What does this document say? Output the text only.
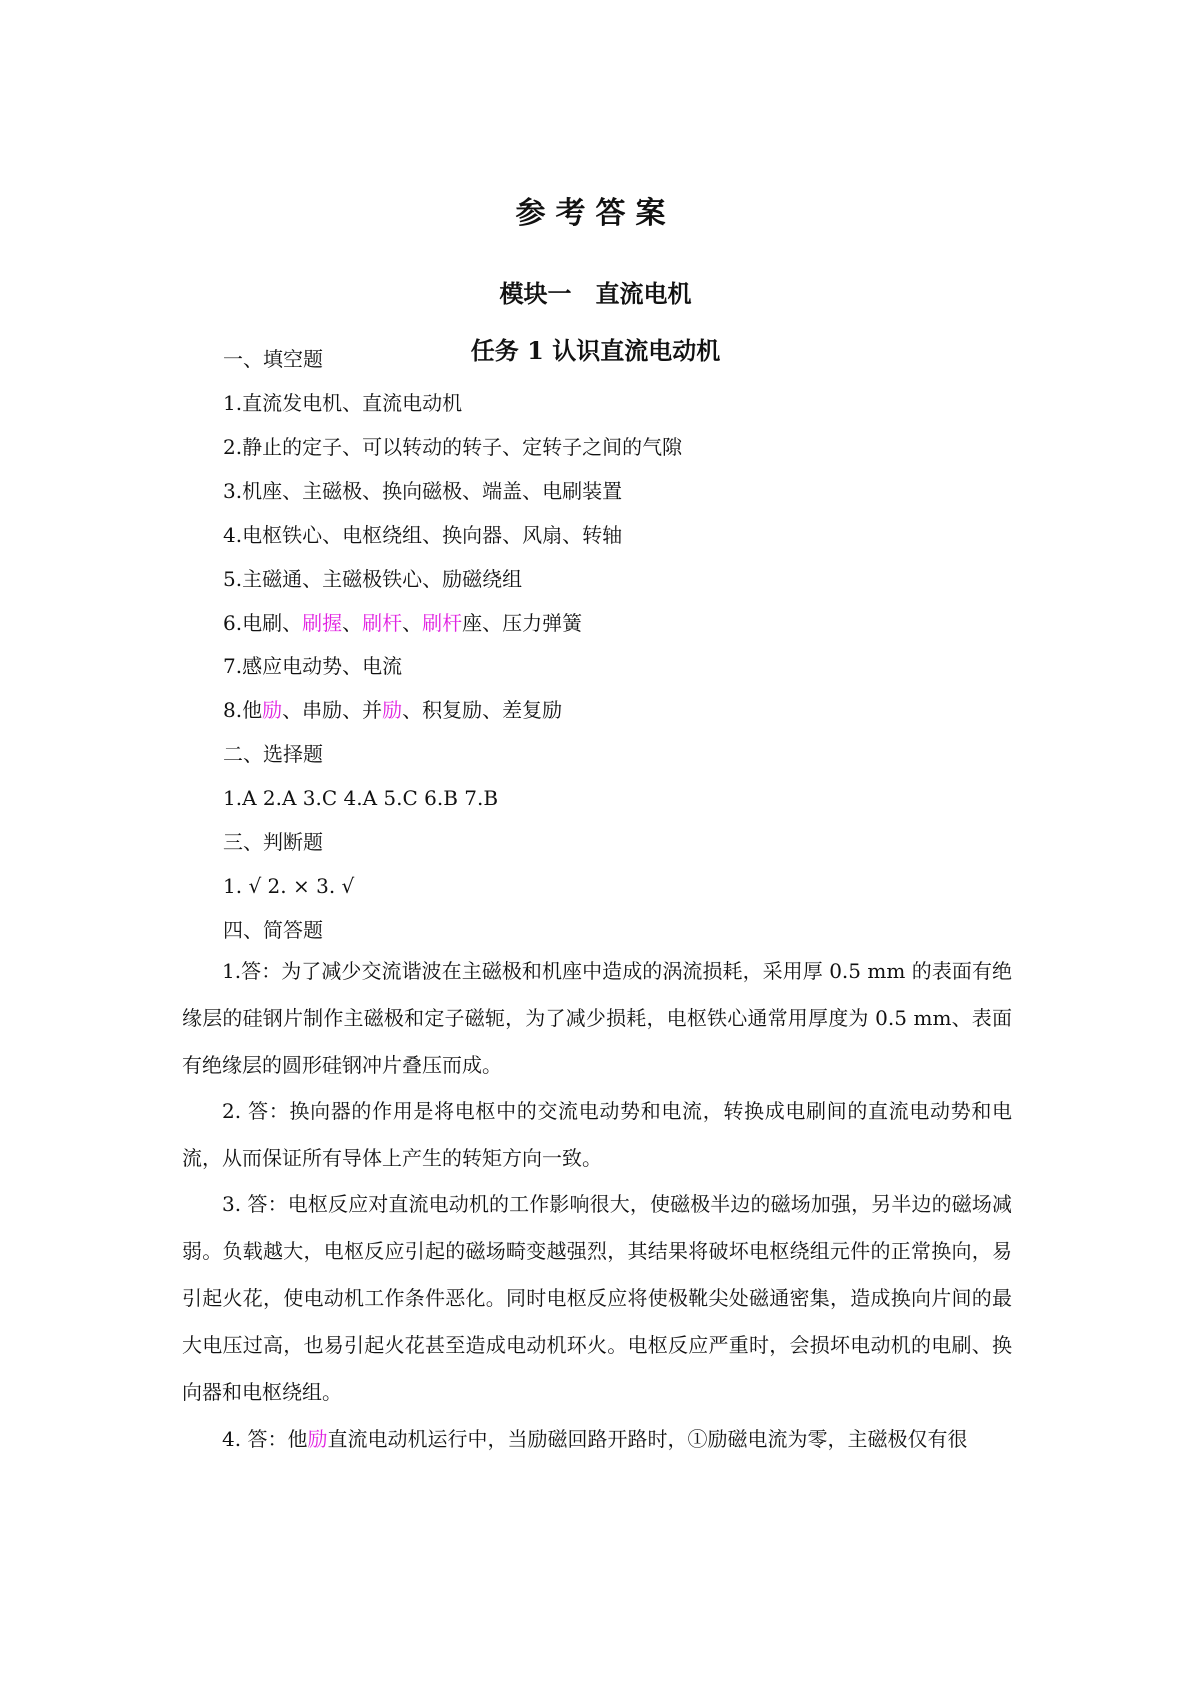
参考答案
模块一　直流电机
任务 1 认识直流电动机
一、填空题
1.直流发电机、直流电动机
2.静止的定子、可以转动的转子、定转子之间的气隙
3.机座、主磁极、换向磁极、端盖、电刷装置
4.电枢铁心、电枢绕组、换向器、风扇、转轴
5.主磁通、主磁极铁心、励磁绕组
6.电刷、刷握、刷杆、刷杆座、压力弹簧
7.感应电动势、电流
8.他励、串励、并励、积复励、差复励
二、选择题
1.A 2.A 3.C 4.A 5.C 6.B 7.B
三、判断题
1. √ 2. × 3. √
四、简答题
1.答：为了减少交流谐波在主磁极和机座中造成的涡流损耗，采用厚 0.5 mm 的表面有绝缘层的硅钢片制作主磁极和定子磁轭，为了减少损耗，电枢铁心通常用厚度为 0.5 mm、表面有绝缘层的圆形硅钢冲片叠压而成。
2. 答：换向器的作用是将电枢中的交流电动势和电流，转换成电刷间的直流电动势和电流，从而保证所有导体上产生的转矩方向一致。
3. 答：电枢反应对直流电动机的工作影响很大，使磁极半边的磁场加强，另半边的磁场减弱。负载越大，电枢反应引起的磁场畸变越强烈，其结果将破坏电枢绕组元件的正常换向，易引起火花，使电动机工作条件恶化。同时电枢反应将使极靴尖处磁通密集，造成换向片间的最大电压过高，也易引起火花甚至造成电动机环火。电枢反应严重时，会损坏电动机的电刷、换向器和电枢绕组。
4. 答：他励直流电动机运行中，当励磁回路开路时，①励磁电流为零，主磁极仅有很
